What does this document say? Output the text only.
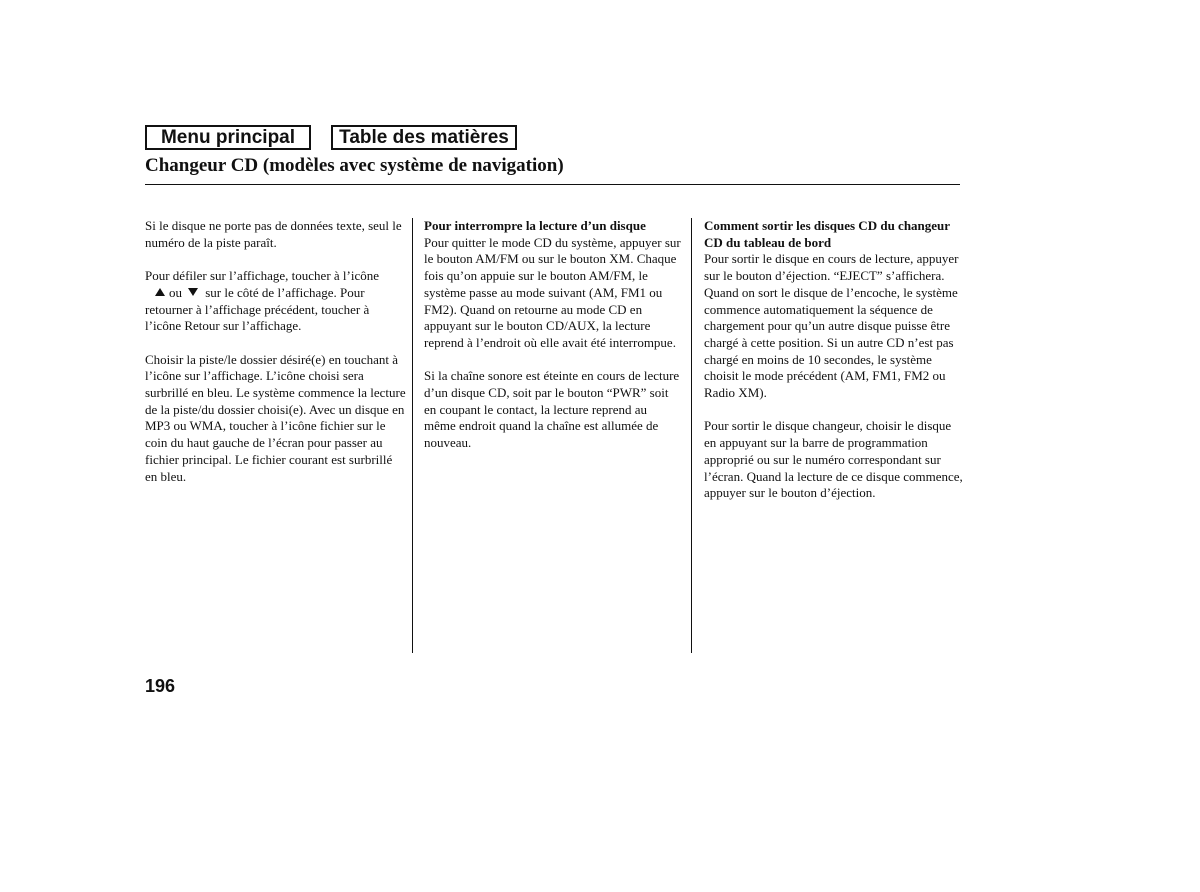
Menu principal	Table des matières
Changeur CD (modèles avec système de navigation)

Si le disque ne porte pas de données texte, seul le numéro de la piste paraît.

Pour défiler sur l’affichage, toucher à l’icône
ou sur le côté de l’affichage. Pour retourner à l’affichage précédent, toucher à l’icône Retour sur l’affichage.

Choisir la piste/le dossier désiré(e) en touchant à l’icône sur l’affichage. L’icône choisi sera surbrillé en bleu. Le système commence la lecture de la piste/du dossier choisi(e). Avec un disque en MP3 ou WMA, toucher à l’icône fichier sur le coin du haut gauche de l’écran pour passer au fichier principal. Le fichier courant est surbrillé en bleu.

Pour interrompre la lecture d’un disque
Pour quitter le mode CD du système, appuyer sur le bouton AM/FM ou sur le bouton XM. Chaque fois qu’on appuie sur le bouton AM/FM, le système passe au mode suivant (AM, FM1 ou FM2). Quand on retourne au mode CD en appuyant sur le bouton CD/AUX, la lecture reprend à l’endroit où elle avait été interrompue.

Si la chaîne sonore est éteinte en cours de lecture d’un disque CD, soit par le bouton “PWR” soit en coupant le contact, la lecture reprend au même endroit quand la chaîne est allumée de nouveau.

Comment sortir les disques CD du changeur CD du tableau de bord
Pour sortir le disque en cours de lecture, appuyer sur le bouton d’éjection. “EJECT” s’affichera. Quand on sort le disque de l’encoche, le système commence automatiquement la séquence de chargement pour qu’un autre disque puisse être chargé à cette position. Si un autre CD n’est pas chargé en moins de 10 secondes, le système choisit le mode précédent (AM, FM1, FM2 ou Radio XM).

Pour sortir le disque changeur, choisir le disque en appuyant sur la barre de programmation approprié ou sur le numéro correspondant sur l’écran. Quand la lecture de ce disque commence, appuyer sur le bouton d’éjection.

196
